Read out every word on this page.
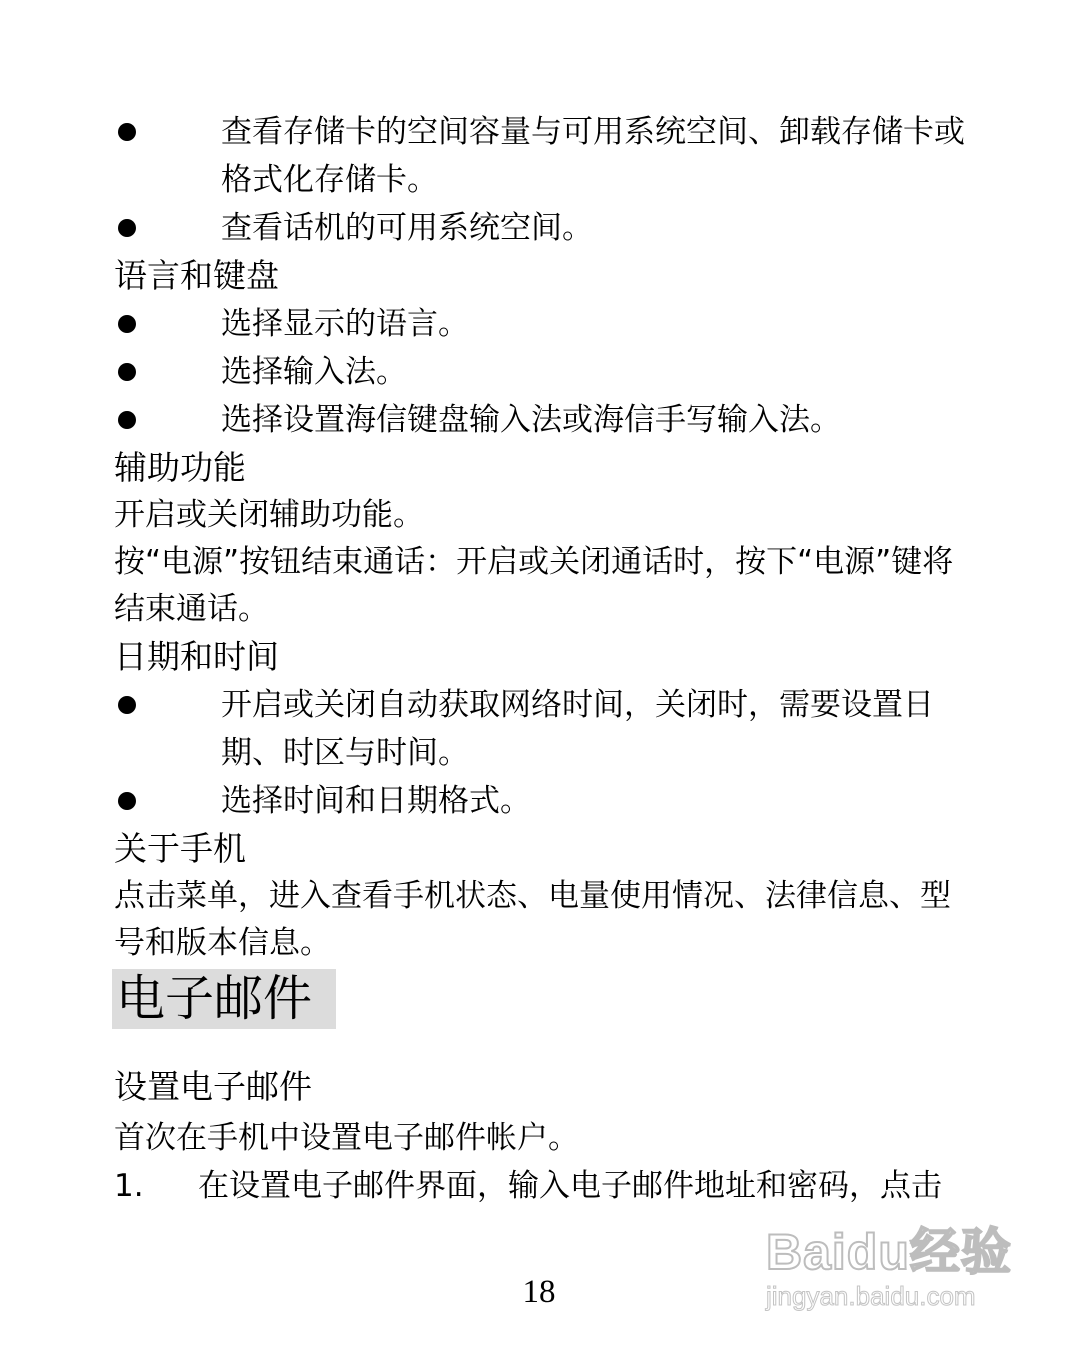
查看存储卡的空间容量与可用系统空间、卸载存储卡或格式化存储卡。
查看话机的可用系统空间。
语言和键盘
选择显示的语言。
选择输入法。
选择设置海信键盘输入法或海信手写输入法。
辅助功能
开启或关闭辅助功能。
按“电源”按钮结束通话：开启或关闭通话时，按下“电源”键将结束通话。
日期和时间
开启或关闭自动获取网络时间，关闭时，需要设置日期、时区与时间。
选择时间和日期格式。
关于手机
点击菜单，进入查看手机状态、电量使用情况、法律信息、型号和版本信息。
电子邮件
设置电子邮件
首次在手机中设置电子邮件帐户。
1. 在设置电子邮件界面，输入电子邮件地址和密码，点击
18
Baidu经验
jingyan.baidu.com
